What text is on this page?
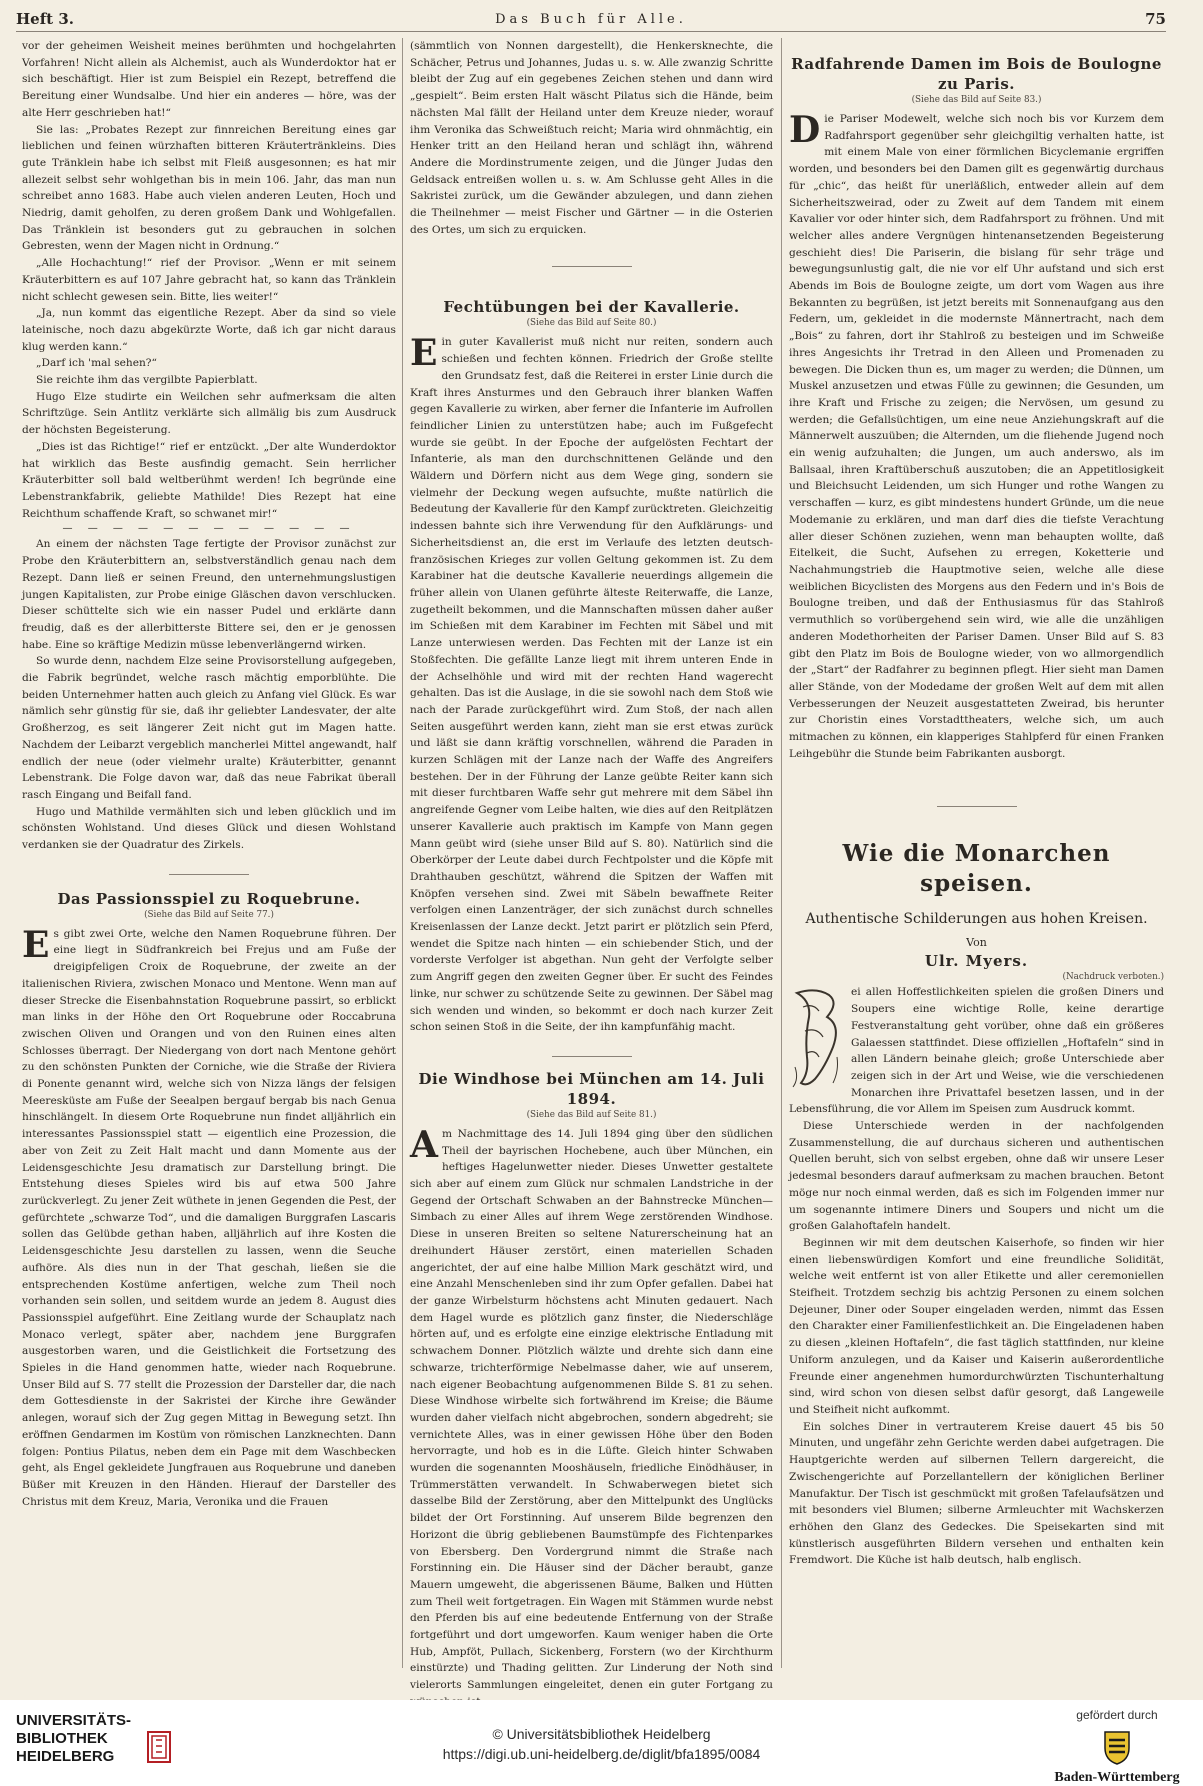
Heft 3.	Das Buch für Alle.	75

vor der geheimen Weisheit meines berühmten und hochgelahrten Vorfahren! Nicht allein als Alchemist, auch als Wunderdoktor hat er sich beschäftigt. Hier ist zum Beispiel ein Rezept, betreffend die Bereitung einer Wundsalbe. Und hier ein anderes — höre, was der alte Herr geschrieben hat!“

Sie las: „Probates Rezept zur finnreichen Bereitung eines gar lieblichen und feinen würzhaften bitteren Kräutertränkleins. Dies gute Tränklein habe ich selbst mit Fleiß ausgesonnen; es hat mir allezeit selbst sehr wohlgethan bis in mein 106. Jahr, das man nun schreibet anno 1683. Habe auch vielen anderen Leuten, Hoch und Niedrig, damit geholfen, zu deren großem Dank und Wohlgefallen. Das Tränklein ist besonders gut zu gebrauchen in solchen Gebresten, wenn der Magen nicht in Ordnung.“

„Alle Hochachtung!“ rief der Provisor. „Wenn er mit seinem Kräuterbittern es auf 107 Jahre gebracht hat, so kann das Tränklein nicht schlecht gewesen sein. Bitte, lies weiter!“

„Ja, nun kommt das eigentliche Rezept. Aber da sind so viele lateinische, noch dazu abgekürzte Worte, daß ich gar nicht daraus klug werden kann.“

„Darf ich 'mal sehen?“

Sie reichte ihm das vergilbte Papierblatt.

Hugo Elze studirte ein Weilchen sehr aufmerksam die alten Schriftzüge. Sein Antlitz verklärte sich allmälig bis zum Ausdruck der höchsten Begeisterung.

„Dies ist das Richtige!“ rief er entzückt. „Der alte Wunderdoktor hat wirklich das Beste ausfindig gemacht. Sein herrlicher Kräuterbitter soll bald weltberühmt werden! Ich begründe eine Lebenstrankfabrik, geliebte Mathilde! Dies Rezept hat eine Reichthum schaffende Kraft, so schwanet mir!“

— — — — — — — — — — — —

An einem der nächsten Tage fertigte der Provisor zunächst zur Probe den Kräuterbittern an, selbstverständlich genau nach dem Rezept. Dann ließ er seinen Freund, den unternehmungslustigen jungen Kapitalisten, zur Probe einige Gläschen davon verschlucken. Dieser schüttelte sich wie ein nasser Pudel und erklärte dann freudig, daß es der allerbitterste Bittere sei, den er je genossen habe. Eine so kräftige Medizin müsse lebenverlängernd wirken.

So wurde denn, nachdem Elze seine Provisorstellung aufgegeben, die Fabrik begründet, welche rasch mächtig emporblühte. Die beiden Unternehmer hatten auch gleich zu Anfang viel Glück. Es war nämlich sehr günstig für sie, daß ihr geliebter Landesvater, der alte Großherzog, es seit längerer Zeit nicht gut im Magen hatte. Nachdem der Leibarzt vergeblich mancherlei Mittel angewandt, half endlich der neue (oder vielmehr uralte) Kräuterbitter, genannt Lebenstrank. Die Folge davon war, daß das neue Fabrikat überall rasch Eingang und Beifall fand.

Hugo und Mathilde vermählten sich und leben glücklich und im schönsten Wohlstand. Und dieses Glück und diesen Wohlstand verdanken sie der Quadratur des Zirkels.

Das Passionsspiel zu Roquebrune.
(Siehe das Bild auf Seite 77.)

Es gibt zwei Orte, welche den Namen Roquebrune führen. Der eine liegt in Südfrankreich bei Frejus und am Fuße der dreigipfeligen Croix de Roquebrune, der zweite an der italienischen Riviera, zwischen Monaco und Mentone. Wenn man auf dieser Strecke die Eisenbahnstation Roquebrune passirt, so erblickt man links in der Höhe den Ort Roquebrune oder Roccabruna zwischen Oliven und Orangen und von den Ruinen eines alten Schlosses überragt. Der Niedergang von dort nach Mentone gehört zu den schönsten Punkten der Corniche, wie die Straße der Riviera di Ponente genannt wird, welche sich von Nizza längs der felsigen Meeresküste am Fuße der Seealpen bergauf bergab bis nach Genua hinschlängelt. In diesem Orte Roquebrune nun findet alljährlich ein interessantes Passionsspiel statt — eigentlich eine Prozession, die aber von Zeit zu Zeit Halt macht und dann Momente aus der Leidensgeschichte Jesu dramatisch zur Darstellung bringt. Die Entstehung dieses Spieles wird bis auf etwa 500 Jahre zurückverlegt. Zu jener Zeit wüthete in jenen Gegenden die Pest, der gefürchtete „schwarze Tod“, und die damaligen Burggrafen Lascaris sollen das Gelübde gethan haben, alljährlich auf ihre Kosten die Leidensgeschichte Jesu darstellen zu lassen, wenn die Seuche aufhöre. Als dies nun in der That geschah, ließen sie die entsprechenden Kostüme anfertigen, welche zum Theil noch vorhanden sein sollen, und seitdem wurde an jedem 8. August dies Passionsspiel aufgeführt. Eine Zeitlang wurde der Schauplatz nach Monaco verlegt, später aber, nachdem jene Burggrafen ausgestorben waren, und die Geistlichkeit die Fortsetzung des Spieles in die Hand genommen hatte, wieder nach Roquebrune. Unser Bild auf S. 77 stellt die Prozession der Darsteller dar, die nach dem Gottesdienste in der Sakristei der Kirche ihre Gewänder anlegen, worauf sich der Zug gegen Mittag in Bewegung setzt. Ihn eröffnen Gendarmen im Kostüm von römischen Lanzknechten. Dann folgen: Pontius Pilatus, neben dem ein Page mit dem Waschbecken geht, als Engel gekleidete Jungfrauen aus Roquebrune und daneben Büßer mit Kreuzen in den Händen. Hierauf der Darsteller des Christus mit dem Kreuz, Maria, Veronika und die Frauen

(sämmtlich von Nonnen dargestellt), die Henkersknechte, die Schächer, Petrus und Johannes, Judas u. s. w. Alle zwanzig Schritte bleibt der Zug auf ein gegebenes Zeichen stehen und dann wird „gespielt“. Beim ersten Halt wäscht Pilatus sich die Hände, beim nächsten Mal fällt der Heiland unter dem Kreuze nieder, worauf ihm Veronika das Schweißtuch reicht; Maria wird ohnmächtig, ein Henker tritt an den Heiland heran und schlägt ihn, während Andere die Mordinstrumente zeigen, und die Jünger Judas den Geldsack entreißen wollen u. s. w. Am Schlusse geht Alles in die Sakristei zurück, um die Gewänder abzulegen, und dann ziehen die Theilnehmer — meist Fischer und Gärtner — in die Osterien des Ortes, um sich zu erquicken.

Fechtübungen bei der Kavallerie.
(Siehe das Bild auf Seite 80.)

Ein guter Kavallerist muß nicht nur reiten, sondern auch schießen und fechten können. Friedrich der Große stellte den Grundsatz fest, daß die Reiterei in erster Linie durch die Kraft ihres Ansturmes und den Gebrauch ihrer blanken Waffen gegen Kavallerie zu wirken, aber ferner die Infanterie im Aufrollen feindlicher Linien zu unterstützen habe; auch im Fußgefecht wurde sie geübt. In der Epoche der aufgelösten Fechtart der Infanterie, als man den durchschnittenen Gelände und den Wäldern und Dörfern nicht aus dem Wege ging, sondern sie vielmehr der Deckung wegen aufsuchte, mußte natürlich die Bedeutung der Kavallerie für den Kampf zurücktreten. Gleichzeitig indessen bahnte sich ihre Verwendung für den Aufklärungs- und Sicherheitsdienst an, die erst im Verlaufe des letzten deutsch-französischen Krieges zur vollen Geltung gekommen ist. Zu dem Karabiner hat die deutsche Kavallerie neuerdings allgemein die früher allein von Ulanen geführte älteste Reiterwaffe, die Lanze, zugetheilt bekommen, und die Mannschaften müssen daher außer im Schießen mit dem Karabiner im Fechten mit Säbel und mit Lanze unterwiesen werden. Das Fechten mit der Lanze ist ein Stoßfechten. Die gefällte Lanze liegt mit ihrem unteren Ende in der Achselhöhle und wird mit der rechten Hand wagerecht gehalten. Das ist die Auslage, in die sie sowohl nach dem Stoß wie nach der Parade zurückgeführt wird. Zum Stoß, der nach allen Seiten ausgeführt werden kann, zieht man sie erst etwas zurück und läßt sie dann kräftig vorschnellen, während die Paraden in kurzen Schlägen mit der Lanze nach der Waffe des Angreifers bestehen. Der in der Führung der Lanze geübte Reiter kann sich mit dieser furchtbaren Waffe sehr gut mehrere mit dem Säbel ihn angreifende Gegner vom Leibe halten, wie dies auf den Reitplätzen unserer Kavallerie auch praktisch im Kampfe von Mann gegen Mann geübt wird (siehe unser Bild auf S. 80). Natürlich sind die Oberkörper der Leute dabei durch Fechtpolster und die Köpfe mit Drahthauben geschützt, während die Spitzen der Waffen mit Knöpfen versehen sind. Zwei mit Säbeln bewaffnete Reiter verfolgen einen Lanzenträger, der sich zunächst durch schnelles Kreisenlassen der Lanze deckt. Jetzt parirt er plötzlich sein Pferd, wendet die Spitze nach hinten — ein schiebender Stich, und der vorderste Verfolger ist abgethan. Nun geht der Verfolgte selber zum Angriff gegen den zweiten Gegner über. Er sucht des Feindes linke, nur schwer zu schützende Seite zu gewinnen. Der Säbel mag sich wenden und winden, so bekommt er doch nach kurzer Zeit schon seinen Stoß in die Seite, der ihn kampfunfähig macht.

Die Windhose bei München am 14. Juli 1894.
(Siehe das Bild auf Seite 81.)

Am Nachmittage des 14. Juli 1894 ging über den südlichen Theil der bayrischen Hochebene, auch über München, ein heftiges Hagelunwetter nieder. Dieses Unwetter gestaltete sich aber auf einem zum Glück nur schmalen Landstriche in der Gegend der Ortschaft Schwaben an der Bahnstrecke München—Simbach zu einer Alles auf ihrem Wege zerstörenden Windhose. Diese in unseren Breiten so seltene Naturerscheinung hat an dreihundert Häuser zerstört, einen materiellen Schaden angerichtet, der auf eine halbe Million Mark geschätzt wird, und eine Anzahl Menschenleben sind ihr zum Opfer gefallen. Dabei hat der ganze Wirbelsturm höchstens acht Minuten gedauert. Nach dem Hagel wurde es plötzlich ganz finster, die Niederschläge hörten auf, und es erfolgte eine einzige elektrische Entladung mit schwachem Donner. Plötzlich wälzte und drehte sich dann eine schwarze, trichterförmige Nebelmasse daher, wie auf unserem, nach eigener Beobachtung aufgenommenen Bilde S. 81 zu sehen. Diese Windhose wirbelte sich fortwährend im Kreise; die Bäume wurden daher vielfach nicht abgebrochen, sondern abgedreht; sie vernichtete Alles, was in einer gewissen Höhe über den Boden hervorragte, und hob es in die Lüfte. Gleich hinter Schwaben wurden die sogenannten Mooshäuseln, friedliche Einödhäuser, in Trümmerstätten verwandelt. In Schwaberwegen bietet sich dasselbe Bild der Zerstörung, aber den Mittelpunkt des Unglücks bildet der Ort Forstinning. Auf unserem Bilde begrenzen den Horizont die übrig gebliebenen Baumstümpfe des Fichtenparkes von Ebersberg. Den Vordergrund nimmt die Straße nach Forstinning ein. Die Häuser sind der Dächer beraubt, ganze Mauern umgeweht, die abgerissenen Bäume, Balken und Hütten zum Theil weit fortgetragen. Ein Wagen mit Stämmen wurde nebst den Pferden bis auf eine bedeutende Entfernung von der Straße fortgeführt und dort umgeworfen. Kaum weniger haben die Orte Hub, Ampföt, Pullach, Sickenberg, Forstern (wo der Kirchthurm einstürzte) und Thading gelitten. Zur Linderung der Noth sind vielerorts Sammlungen eingeleitet, denen ein guter Fortgang zu

Radfahrende Damen im Bois de Boulogne zu Paris.
(Siehe das Bild auf Seite 83.)

Die Pariser Modewelt, welche sich noch bis vor Kurzem dem Radfahrsport gegenüber sehr gleichgiltig verhalten hatte, ist mit einem Male von einer förmlichen Bicyclemanie ergriffen worden, und besonders bei den Damen gilt es gegenwärtig durchaus für „chic“, das heißt für unerläßlich, entweder allein auf dem Sicherheitszweirad, oder zu Zweit auf dem Tandem mit einem Kavalier vor oder hinter sich, dem Radfahrsport zu fröhnen. Und mit welcher alles andere Vergnügen hintenansetzenden Begeisterung geschieht dies! Die Pariserin, die bislang für sehr träge und bewegungsunlustig galt, die nie vor elf Uhr aufstand und sich erst Abends im Bois de Boulogne zeigte, um dort vom Wagen aus ihre Bekannten zu begrüßen, ist jetzt bereits mit Sonnenaufgang aus den Federn, um, gekleidet in die modernste Männertracht, nach dem „Bois“ zu fahren, dort ihr Stahlroß zu besteigen und im Schweiße ihres Angesichts ihr Tretrad in den Alleen und Promenaden zu bewegen. Die Dicken thun es, um mager zu werden; die Dünnen, um Muskel anzusetzen und etwas Fülle zu gewinnen; die Gesunden, um ihre Kraft und Frische zu zeigen; die Nervösen, um gesund zu werden; die Gefallsüchtigen, um eine neue Anziehungskraft auf die Männerwelt auszuüben; die Alternden, um die fliehende Jugend noch ein wenig aufzuhalten; die Jungen, um auch anderswo, als im Ballsaal, ihren Kraftüberschuß auszutoben; die an Appetitlosigkeit und Bleichsucht Leidenden, um sich Hunger und rothe Wangen zu verschaffen — kurz, es gibt mindestens hundert Gründe, um die neue Modemanie zu erklären, und man darf dies die tiefste Verachtung aller dieser Schönen zuziehen, wenn man behaupten wollte, daß Eitelkeit, die Sucht, Aufsehen zu erregen, Koketterie und Nachahmungstrieb die Hauptmotive seien, welche alle diese weiblichen Bicyclisten des Morgens aus den Federn und in's Bois de Boulogne treiben, und daß der Enthusiasmus für das Stahlroß vermuthlich so vorübergehend sein wird, wie alle die unzähligen anderen Modethorheiten der Pariser Damen. Unser Bild auf S. 83 gibt den Platz im Bois de Boulogne wieder, von wo allmorgendlich der „Start“ der Radfahrer zu beginnen pflegt. Hier sieht man Damen aller Stände, von der Modedame der großen Welt auf dem mit allen Verbesserungen der Neuzeit ausgestatteten Zweirad, bis herunter zur Choristin eines Vorstadttheaters, welche sich, um auch mitmachen zu können, ein klapperiges Stahlpferd für einen Franken Leihgebühr die Stunde beim Fabrikanten ausborgt.

Wie die Monarchen speisen.
Authentische Schilderungen aus hohen Kreisen.
Von
Ulr. Myers.
(Nachdruck verboten.)

ei allen Hoffestlichkeiten spielen die großen Diners und Soupers eine wichtige Rolle, keine derartige Festveranstaltung geht vorüber, ohne daß ein größeres Galaessen stattfindet. Diese offiziellen „Hoftafeln“ sind in allen Ländern beinahe gleich; große Unterschiede aber zeigen sich in der Art und Weise, wie die verschiedenen Monarchen ihre Privattafel besetzen lassen, und in der Lebensführung, die vor Allem im Speisen zum Ausdruck kommt.

Diese Unterschiede werden in der nachfolgenden Zusammenstellung, die auf durchaus sicheren und authentischen Quellen beruht, sich von selbst ergeben, ohne daß wir unsere Leser jedesmal besonders darauf aufmerksam zu machen brauchen. Betont möge nur noch einmal werden, daß es sich im Folgenden immer nur um sogenannte intimere Diners und Soupers und nicht um die großen Galahoftafeln handelt.

Beginnen wir mit dem deutschen Kaiserhofe, so finden wir hier einen liebenswürdigen Komfort und eine freundliche Solidität, welche weit entfernt ist von aller Etikette und aller ceremoniellen Steifheit. Trotzdem sechzig bis achtzig Personen zu einem solchen Dejeuner, Diner oder Souper eingeladen werden, nimmt das Essen den Charakter einer Familienfestlichkeit an. Die Eingeladenen haben zu diesen „kleinen Hoftafeln“, die fast täglich stattfinden, nur kleine Uniform anzulegen, und da Kaiser und Kaiserin außerordentliche Freunde einer angenehmen humordurchwürzten Tischunterhaltung sind, wird schon von diesen selbst dafür gesorgt, daß Langeweile und Steifheit nicht aufkommt.

Ein solches Diner in vertrauterem Kreise dauert 45 bis 50 Minuten, und ungefähr zehn Gerichte werden dabei aufgetragen. Die Hauptgerichte werden auf silbernen Tellern dargereicht, die Zwischengerichte auf Porzellantellern der königlichen Berliner Manufaktur. Der Tisch ist geschmückt mit großen Tafelaufsätzen und mit besonders viel Blumen; silberne Armleuchter mit Wachskerzen erhöhen den Glanz des Gedeckes. Die Speisekarten sind mit künstlerisch ausgeführten Bildern versehen und enthalten kein Fremdwort. Die Küche ist halb deutsch, halb englisch.

UNIVERSITÄTS-
BIBLIOTHEK
HEIDELBERG
© Universitätsbibliothek Heidelberg
https://digi.ub.uni-heidelberg.de/diglit/bfa1895/0084
gefördert durch
Baden-Württemberg
